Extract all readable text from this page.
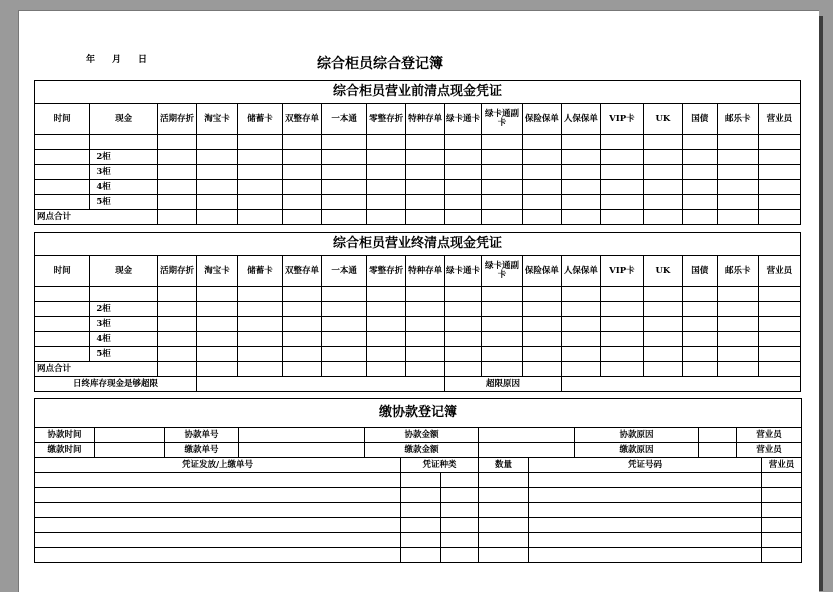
年 月 日	综合柜员综合登记簿
综合柜员营业前清点现金凭证																	
时间	现金	活期存折	淘宝卡	储蓄卡	双整存单	一本通	零整存折	特种存单	绿卡通卡	绿卡通副卡	保险保单	人保保单	VIP卡	UK	国债	邮乐卡	营业员

	2柜																
	3柜																
	4柜																
	5柜																
网点合计																	
综合柜员营业终清点现金凭证																	
时间	现金	活期存折	淘宝卡	储蓄卡	双整存单	一本通	零整存折	特种存单	绿卡通卡	绿卡通副卡	保险保单	人保保单	VIP卡	UK	国债	邮乐卡	营业员

	2柜																
	3柜																
	4柜																
	5柜																
网点合计																	
日终库存现金是够超限									超限原因								
缴协款登记簿													
协款时间		协款单号		协款金额					协款原因		营业员		
缴款时间		缴款单号		缴款金额					缴款原因		营业员		
凭证发放/上缴单号					凭证种类		数量	凭证号码				营业员	
